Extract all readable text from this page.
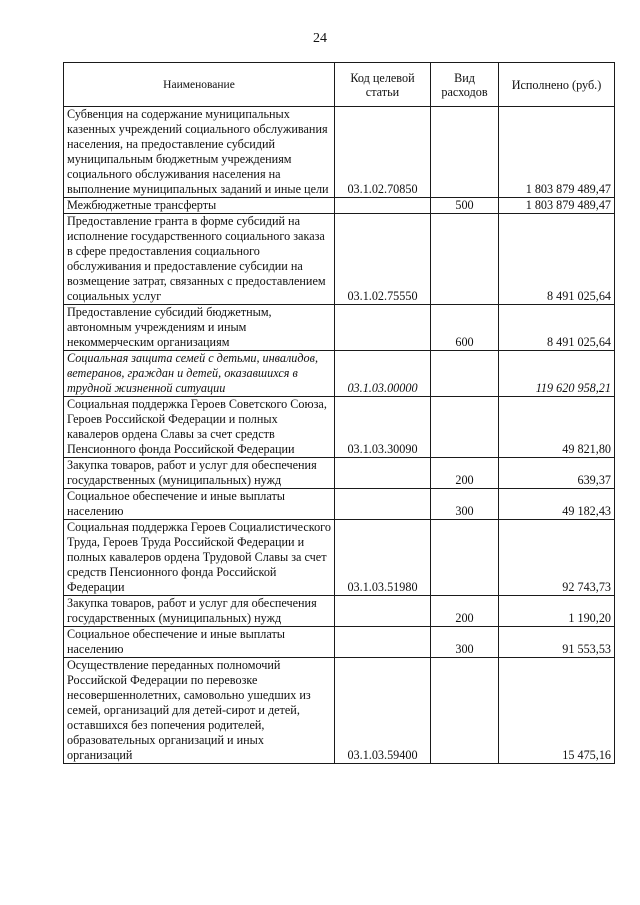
24
Наименование	Код целевой статьи	Вид расходов	Исполнено (руб.)
Субвенция на содержание муниципальных казенных учреждений социального обслуживания населения, на предоставление субсидий муниципальным бюджетным учреждениям социального обслуживания населения на выполнение муниципальных заданий и иные цели	03.1.02.70850		1 803 879 489,47
Межбюджетные трансферты		500	1 803 879 489,47
Предоставление гранта в форме субсидий на исполнение государственного социального заказа в сфере предоставления социального обслуживания и предоставление субсидии на возмещение затрат, связанных с предоставлением социальных услуг	03.1.02.75550		8 491 025,64
Предоставление субсидий бюджетным, автономным учреждениям и иным некоммерческим организациям		600	8 491 025,64
Социальная защита семей с детьми, инвалидов, ветеранов, граждан и детей, оказавшихся в трудной жизненной ситуации	03.1.03.00000		119 620 958,21
Социальная поддержка Героев Советского Союза, Героев Российской Федерации и полных кавалеров ордена Славы за счет средств Пенсионного фонда Российской Федерации	03.1.03.30090		49 821,80
Закупка товаров, работ и услуг для обеспечения государственных (муниципальных) нужд		200	639,37
Социальное обеспечение и иные выплаты населению		300	49 182,43
Социальная поддержка Героев Социалистического Труда, Героев Труда Российской Федерации и полных кавалеров ордена Трудовой Славы за счет средств Пенсионного фонда Российской Федерации	03.1.03.51980		92 743,73
Закупка товаров, работ и услуг для обеспечения государственных (муниципальных) нужд		200	1 190,20
Социальное обеспечение и иные выплаты населению		300	91 553,53
Осуществление переданных полномочий Российской Федерации по перевозке несовершеннолетних, самовольно ушедших из семей, организаций для детей-сирот и детей, оставшихся без попечения родителей, образовательных организаций и иных организаций	03.1.03.59400		15 475,16
